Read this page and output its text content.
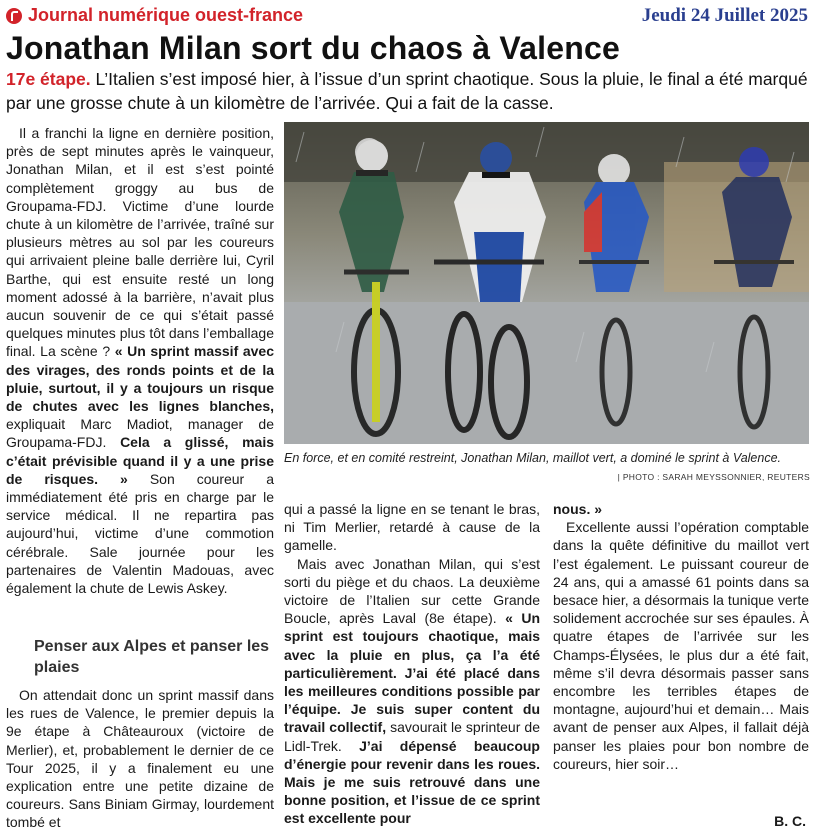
Journal numérique ouest-france	Jeudi 24 Juillet 2025
Jonathan Milan sort du chaos à Valence
17e étape. L’Italien s’est imposé hier, à l’issue d’un sprint chaotique. Sous la pluie, le final a été marqué par une grosse chute à un kilomètre de l’arrivée. Qui a fait de la casse.
En force, et en comité restreint, Jonathan Milan, maillot vert, a dominé le sprint à Valence.
| PHOTO : SARAH MEYSSONNIER, REUTERS

Il a franchi la ligne en dernière position, près de sept minutes après le vainqueur, Jonathan Milan, et il est s’est pointé complètement groggy au bus de Groupama-FDJ. Victime d’une lourde chute à un kilomètre de l’arrivée, traîné sur plusieurs mètres au sol par les coureurs qui arrivaient pleine balle derrière lui, Cyril Barthe, qui est ensuite resté un long moment adossé à la barrière, n’avait plus aucun souvenir de ce qui s’était passé quelques minutes plus tôt dans l’emballage final. La scène ? « Un sprint massif avec des virages, des ronds points et de la pluie, surtout, il y a toujours un risque de chutes avec les lignes blanches, expliquait Marc Madiot, manager de Groupama-FDJ. Cela a glissé, mais c’était prévisible quand il y a une prise de risques. » Son coureur a immédiatement été pris en charge par le service médical. Il ne repartira pas aujourd’hui, victime d’une commotion cérébrale. Sale journée pour les partenaires de Valentin Madouas, avec également la chute de Lewis Askey.

Penser aux Alpes et panser les plaies

On attendait donc un sprint massif dans les rues de Valence, le premier depuis la 9e étape à Châteauroux (victoire de Merlier), et, probablement le dernier de ce Tour 2025, il y a finalement eu une explication entre une petite dizaine de coureurs. Sans Biniam Girmay, lourdement tombé et

qui a passé la ligne en se tenant le bras, ni Tim Merlier, retardé à cause de la gamelle.

Mais avec Jonathan Milan, qui s’est sorti du piège et du chaos. La deuxième victoire de l’Italien sur cette Grande Boucle, après Laval (8e étape). « Un sprint est toujours chaotique, mais avec la pluie en plus, ça l’a été particulièrement. J’ai été placé dans les meilleures conditions possible par l’équipe. Je suis super content du travail collectif, savourait le sprinteur de Lidl-Trek. J’ai dépensé beaucoup d’énergie pour revenir dans les roues. Mais je me suis retrouvé dans une bonne position, et l’issue de ce sprint est excellente pour

nous. »

Excellente aussi l’opération comptable dans la quête définitive du maillot vert l’est également. Le puissant coureur de 24 ans, qui a amassé 61 points dans sa besace hier, a désormais la tunique verte solidement accrochée sur ses épaules. À quatre étapes de l’arrivée sur les Champs-Élysées, le plus dur a été fait, même s’il devra désormais passer sans encombre les terribles étapes de montagne, aujourd’hui et demain… Mais avant de penser aux Alpes, il fallait déjà panser les plaies pour bon nombre de coureurs, hier soir…

B. C.
